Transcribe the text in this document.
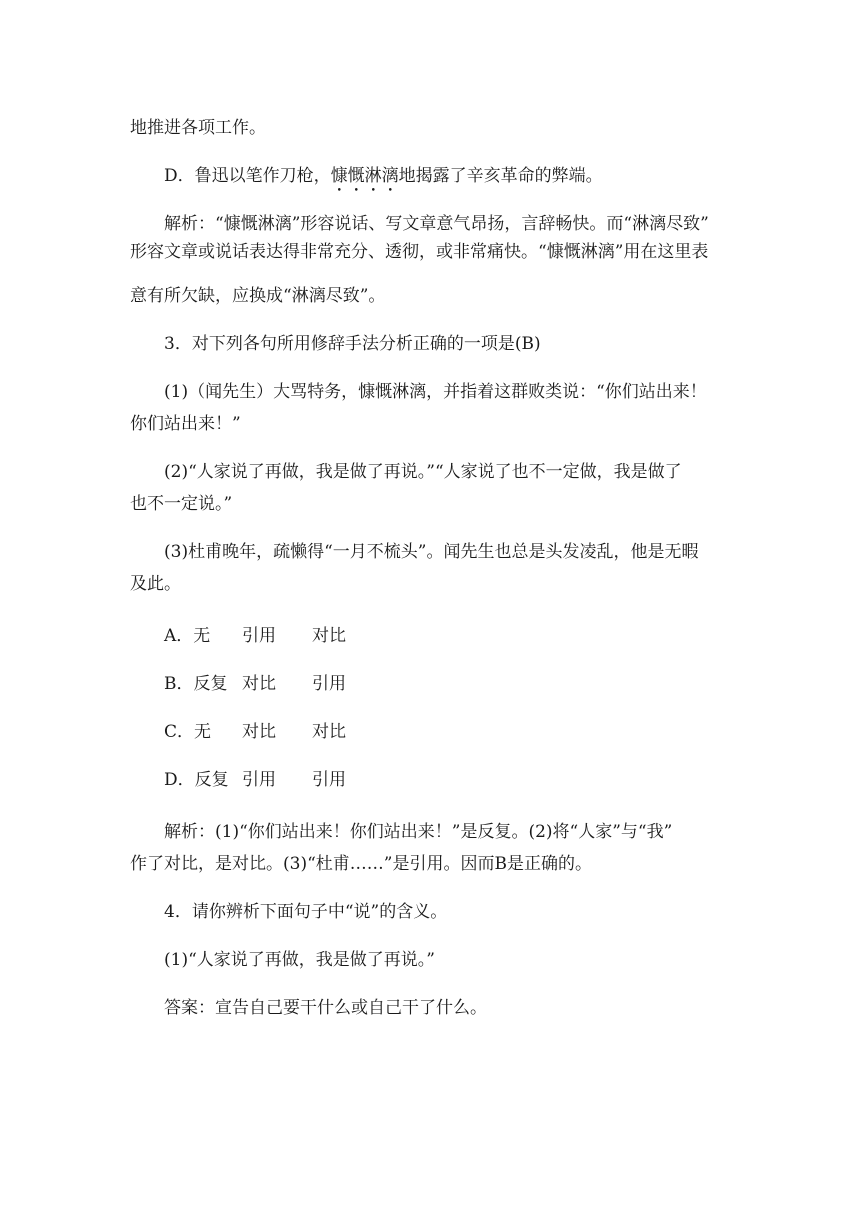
地推进各项工作。
D．鲁迅以笔作刀枪，慷慨淋漓地揭露了辛亥革命的弊端。
解析：“慷慨淋漓”形容说话、写文章意气昂扬，言辞畅快。而“淋漓尽致”
形容文章或说话表达得非常充分、透彻，或非常痛快。“慷慨淋漓”用在这里表
意有所欠缺，应换成“淋漓尽致”。
3．对下列各句所用修辞手法分析正确的一项是(B)
(1)（闻先生）大骂特务，慷慨淋漓，并指着这群败类说：“你们站出来！
你们站出来！”
(2)“人家说了再做，我是做了再说。”“人家说了也不一定做，我是做了
也不一定说。”
(3)杜甫晚年，疏懒得“一月不梳头”。闻先生也总是头发凌乱，他是无暇
及此。
A．无 引用 对比
B．反复 对比 引用
C．无 对比 对比
D．反复 引用 引用
解析：(1)“你们站出来！你们站出来！”是反复。(2)将“人家”与“我”
作了对比，是对比。(3)“杜甫……”是引用。因而B是正确的。
4．请你辨析下面句子中“说”的含义。
(1)“人家说了再做，我是做了再说。”
答案：宣告自己要干什么或自己干了什么。
